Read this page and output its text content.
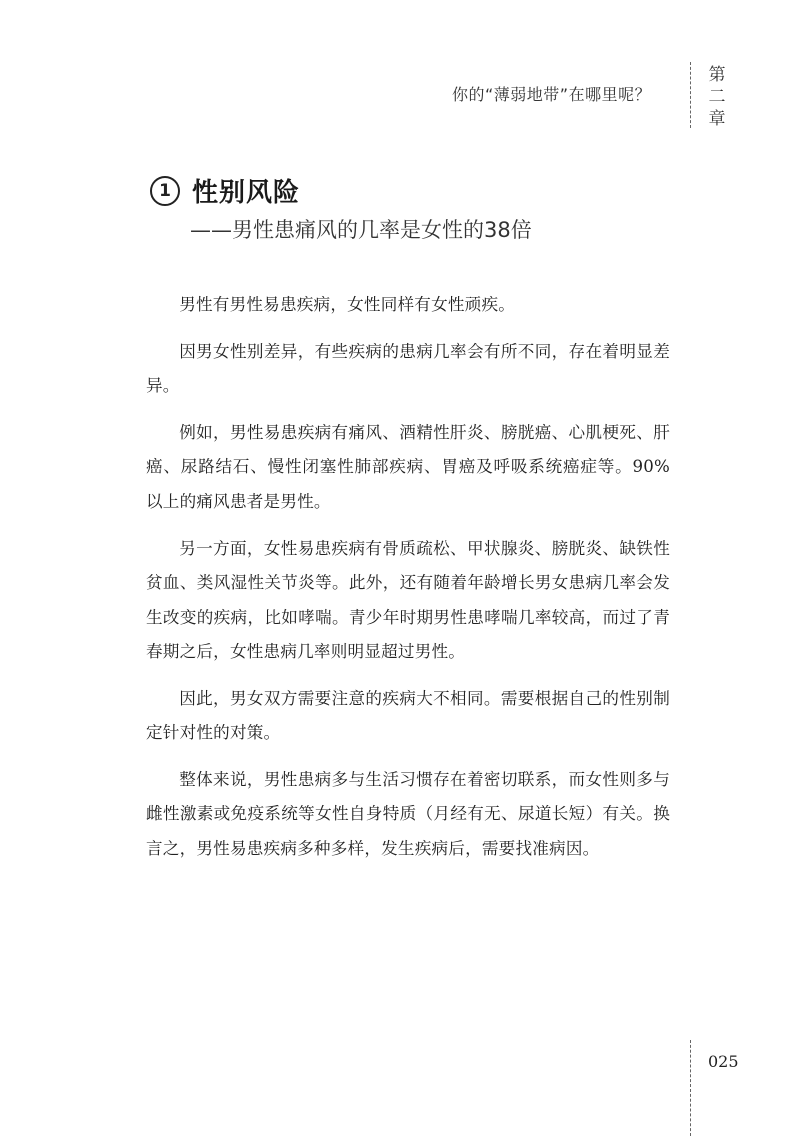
你的“薄弱地带”在哪里呢？
第二章
1 性别风险
——男性患痛风的几率是女性的38倍

男性有男性易患疾病，女性同样有女性顽疾。

因男女性别差异，有些疾病的患病几率会有所不同，存在着明显差异。

例如，男性易患疾病有痛风、酒精性肝炎、膀胱癌、心肌梗死、肝癌、尿路结石、慢性闭塞性肺部疾病、胃癌及呼吸系统癌症等。90%以上的痛风患者是男性。

另一方面，女性易患疾病有骨质疏松、甲状腺炎、膀胱炎、缺铁性贫血、类风湿性关节炎等。此外，还有随着年龄增长男女患病几率会发生改变的疾病，比如哮喘。青少年时期男性患哮喘几率较高，而过了青春期之后，女性患病几率则明显超过男性。

因此，男女双方需要注意的疾病大不相同。需要根据自己的性别制定针对性的对策。

整体来说，男性患病多与生活习惯存在着密切联系，而女性则多与雌性激素或免疫系统等女性自身特质（月经有无、尿道长短）有关。换言之，男性易患疾病多种多样，发生疾病后，需要找准病因。

025
